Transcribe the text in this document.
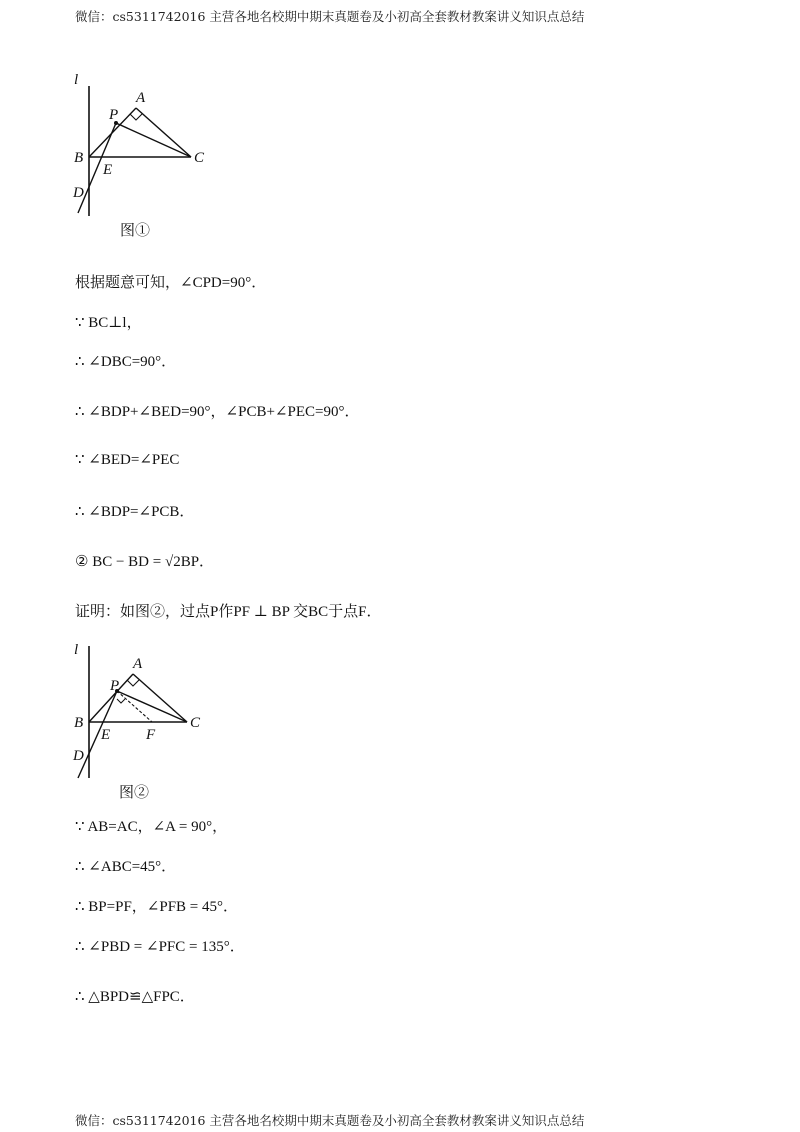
微信：cs5311742016 主营各地名校期中期末真题卷及小初高全套教材教案讲义知识点总结
l
A
P
B	C
E
D
图①
根据题意可知，∠CPD=90°．
∵ BC⊥l，
∴ ∠DBC=90°．
∴ ∠BDP+∠BED=90°，∠PCB+∠PEC=90°．
∵ ∠BED=∠PEC
∴ ∠BDP=∠PCB．
② BC − BD = √2BP．
证明：如图②，过点P作PF ⊥ BP 交BC于点F．
l
A
P
B	C
E F
D
图②
∵ AB=AC，∠A = 90°，
∴ ∠ABC=45°．
∴ BP=PF，∠PFB = 45°．
∴ ∠PBD = ∠PFC = 135°．
∴ △BPD≌△FPC．
微信：cs5311742016 主营各地名校期中期末真题卷及小初高全套教材教案讲义知识点总结
